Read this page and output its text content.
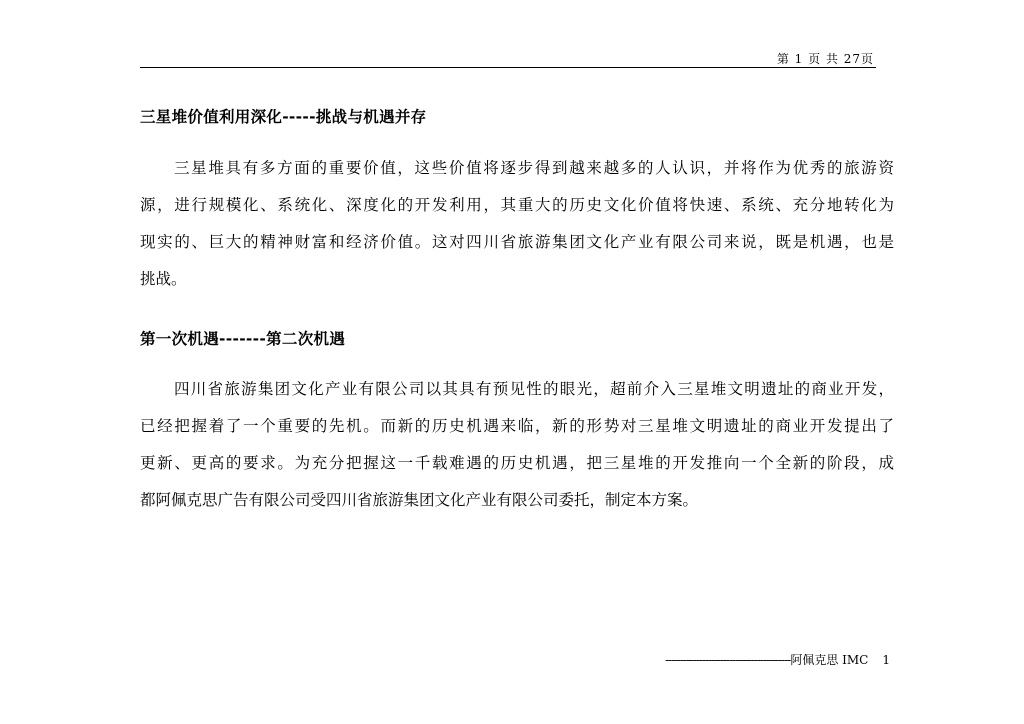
第 1 页 共 27页
三星堆价值利用深化-----挑战与机遇并存
三星堆具有多方面的重要价值，这些价值将逐步得到越来越多的人认识，并将作为优秀的旅游资
源，进行规模化、系统化、深度化的开发利用，其重大的历史文化价值将快速、系统、充分地转化为
现实的、巨大的精神财富和经济价值。这对四川省旅游集团文化产业有限公司来说，既是机遇，也是
挑战。
第一次机遇-------第二次机遇
四川省旅游集团文化产业有限公司以其具有预见性的眼光，超前介入三星堆文明遗址的商业开发，
已经把握着了一个重要的先机。而新的历史机遇来临，新的形势对三星堆文明遗址的商业开发提出了
更新、更高的要求。为充分把握这一千载难遇的历史机遇，把三星堆的开发推向一个全新的阶段，成
都阿佩克思广告有限公司受四川省旅游集团文化产业有限公司委托，制定本方案。
-----------------------------------------阿佩克思 IMC 1
